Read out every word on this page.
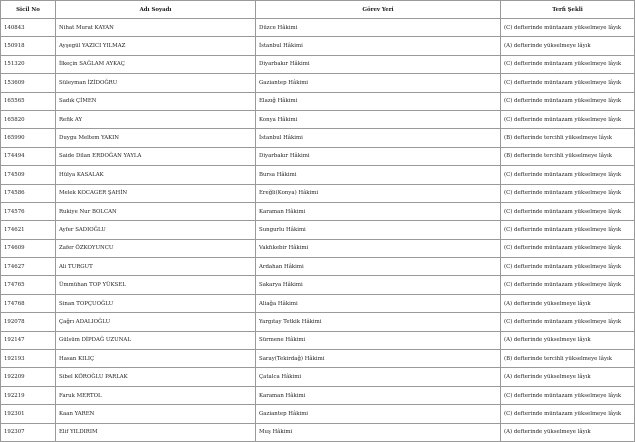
Sicil No	Adı Soyadı	Görev Yeri	Terfi Şekli
140843	Nihat Murat KAYAN	Düzce Hâkimi	(C) defterinde müntazam yükselmeye lâyık
150918	Ayşegül YAZICI YILMAZ	İstanbul Hâkimi	(A) defterinde yükselmeye lâyık
151320	İlkeçin SAĞLAM AYKAÇ	Diyarbakır Hâkimi	(C) defterinde müntazam yükselmeye lâyık
153609	Süleyman İZİDOĞRU	Gaziantep Hâkimi	(C) defterinde müntazam yükselmeye lâyık
165565	Sadık ÇİMEN	Elazığ Hâkimi	(C) defterinde müntazam yükselmeye lâyık
165820	Refik AY	Konya Hâkimi	(C) defterinde müntazam yükselmeye lâyık
165990	Duygu Meltem YAKIN	İstanbul Hâkimi	(B) defterinde tercihli yükselmeye lâyık
174494	Saide Dilan ERDOĞAN YAYLA	Diyarbakır Hâkimi	(B) defterinde tercihli yükselmeye lâyık
174509	Hülya KASALAK	Bursa Hâkimi	(C) defterinde müntazam yükselmeye lâyık
174586	Melek KOCAGER ŞAHİN	Ereğli(Konya) Hâkimi	(C) defterinde müntazam yükselmeye lâyık
174576	Rukiye Nur BOLCAN	Karaman Hâkimi	(C) defterinde müntazam yükselmeye lâyık
174621	Ayfer SADIOĞLU	Sungurlu Hâkimi	(C) defterinde müntazam yükselmeye lâyık
174609	Zafer ÖZKOYUNCU	Vakfıkebir Hâkimi	(C) defterinde müntazam yükselmeye lâyık
174627	Ali TURGUT	Ardahan Hâkimi	(C) defterinde müntazam yükselmeye lâyık
174765	Ümmühan TOP YÜKSEL	Sakarya Hâkimi	(C) defterinde müntazam yükselmeye lâyık
174768	Sinan TOPÇUOĞLU	Aliağa Hâkimi	(A) defterinde yükselmeye lâyık
192078	Çağrı ADALIOĞLU	Yargıtay Tetkik Hâkimi	(C) defterinde müntazam yükselmeye lâyık
192147	Gülsüm DİPDAĞ UZUNAL	Sürmene Hâkimi	(A) defterinde yükselmeye lâyık
192193	Hasan KILIÇ	Saray(Tekirdağ) Hâkimi	(B) defterinde tercihli yükselmeye lâyık
192209	Sibel KÖROĞLU PARLAK	Çatalca Hâkimi	(A) defterinde yükselmeye lâyık
192219	Faruk MERTOL	Karaman Hâkimi	(C) defterinde müntazam yükselmeye lâyık
192301	Kaan YAREN	Gaziantep Hâkimi	(C) defterinde müntazam yükselmeye lâyık
192307	Elif YILDIRIM	Muş Hâkimi	(A) defterinde yükselmeye lâyık
